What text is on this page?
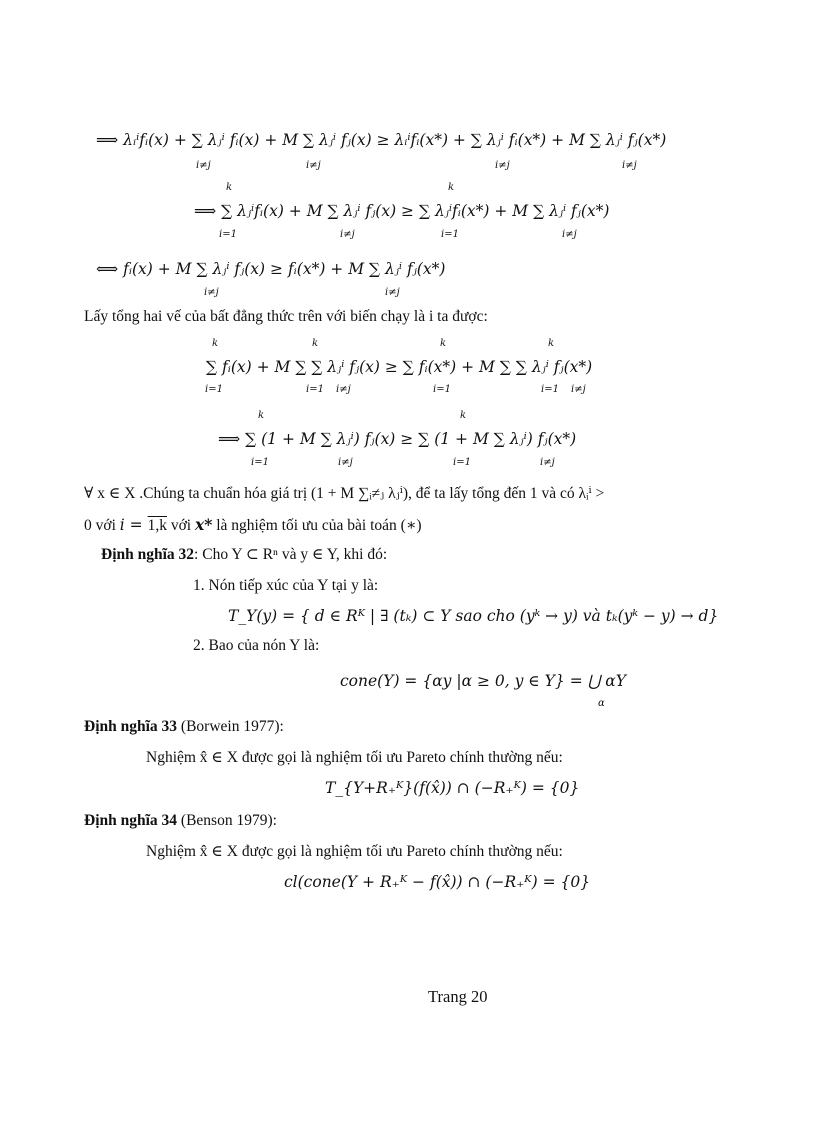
⟹ λᵢⁱfᵢ(x) + ∑ λⱼⁱ fᵢ(x) + M ∑ λⱼⁱ fⱼ(x) ≥ λᵢⁱfᵢ(x*) + ∑ λⱼⁱ fᵢ(x*) + M ∑ λⱼⁱ fⱼ(x*)
i≠j	i≠j	i≠j	i≠j
k	k
⟹ ∑ λⱼⁱfᵢ(x) + M ∑ λⱼⁱ fⱼ(x) ≥ ∑ λⱼⁱfᵢ(x*) + M ∑ λⱼⁱ fⱼ(x*)
i=1	i≠j	i=1	i≠j
⟺ fᵢ(x) + M ∑ λⱼⁱ fⱼ(x) ≥ fᵢ(x*) + M ∑ λⱼⁱ fⱼ(x*)
i≠j	i≠j
Lấy tổng hai vế của bất đẳng thức trên với biến chạy là i ta được:
k	k	k	k
∑ fᵢ(x) + M ∑ ∑ λⱼⁱ fⱼ(x) ≥ ∑ fᵢ(x*) + M ∑ ∑ λⱼⁱ fⱼ(x*)
i=1	i=1 i≠j	i=1	i=1 i≠j
k	k
⟹ ∑ (1 + M ∑ λⱼⁱ) fⱼ(x) ≥ ∑ (1 + M ∑ λⱼⁱ) fⱼ(x*)
i=1	i≠j	i=1	i≠j
∀ x ∈ X .Chúng ta chuẩn hóa giá trị (1 + M ∑ᵢ≠ⱼ λⱼⁱ), để ta lấy tổng đến 1 và có λᵢⁱ >
0 với i = 1,k với x* là nghiệm tối ưu của bài toán (∗)
Định nghĩa 32: Cho Y ⊂ Rⁿ và y ∈ Y, khi đó:
1. Nón tiếp xúc của Y tại y là:
T_Y(y) = { d ∈ Rᴷ | ∃ (tₖ) ⊂ Y sao cho (yᵏ → y) và tₖ(yᵏ − y) → d}
2. Bao của nón Y là:
cone(Y) = {αy |α ≥ 0, y ∈ Y} = ⋃ αY
α
Định nghĩa 33 (Borwein 1977):
Nghiệm x̂ ∈ X được gọi là nghiệm tối ưu Pareto chính thường nếu:
T_{Y+R₊ᴷ}(f(x̂)) ∩ (−R₊ᴷ) = {0}
Định nghĩa 34 (Benson 1979):
Nghiệm x̂ ∈ X được gọi là nghiệm tối ưu Pareto chính thường nếu:
cl(cone(Y + R₊ᴷ − f(x̂)) ∩ (−R₊ᴷ) = {0}
Trang 20
